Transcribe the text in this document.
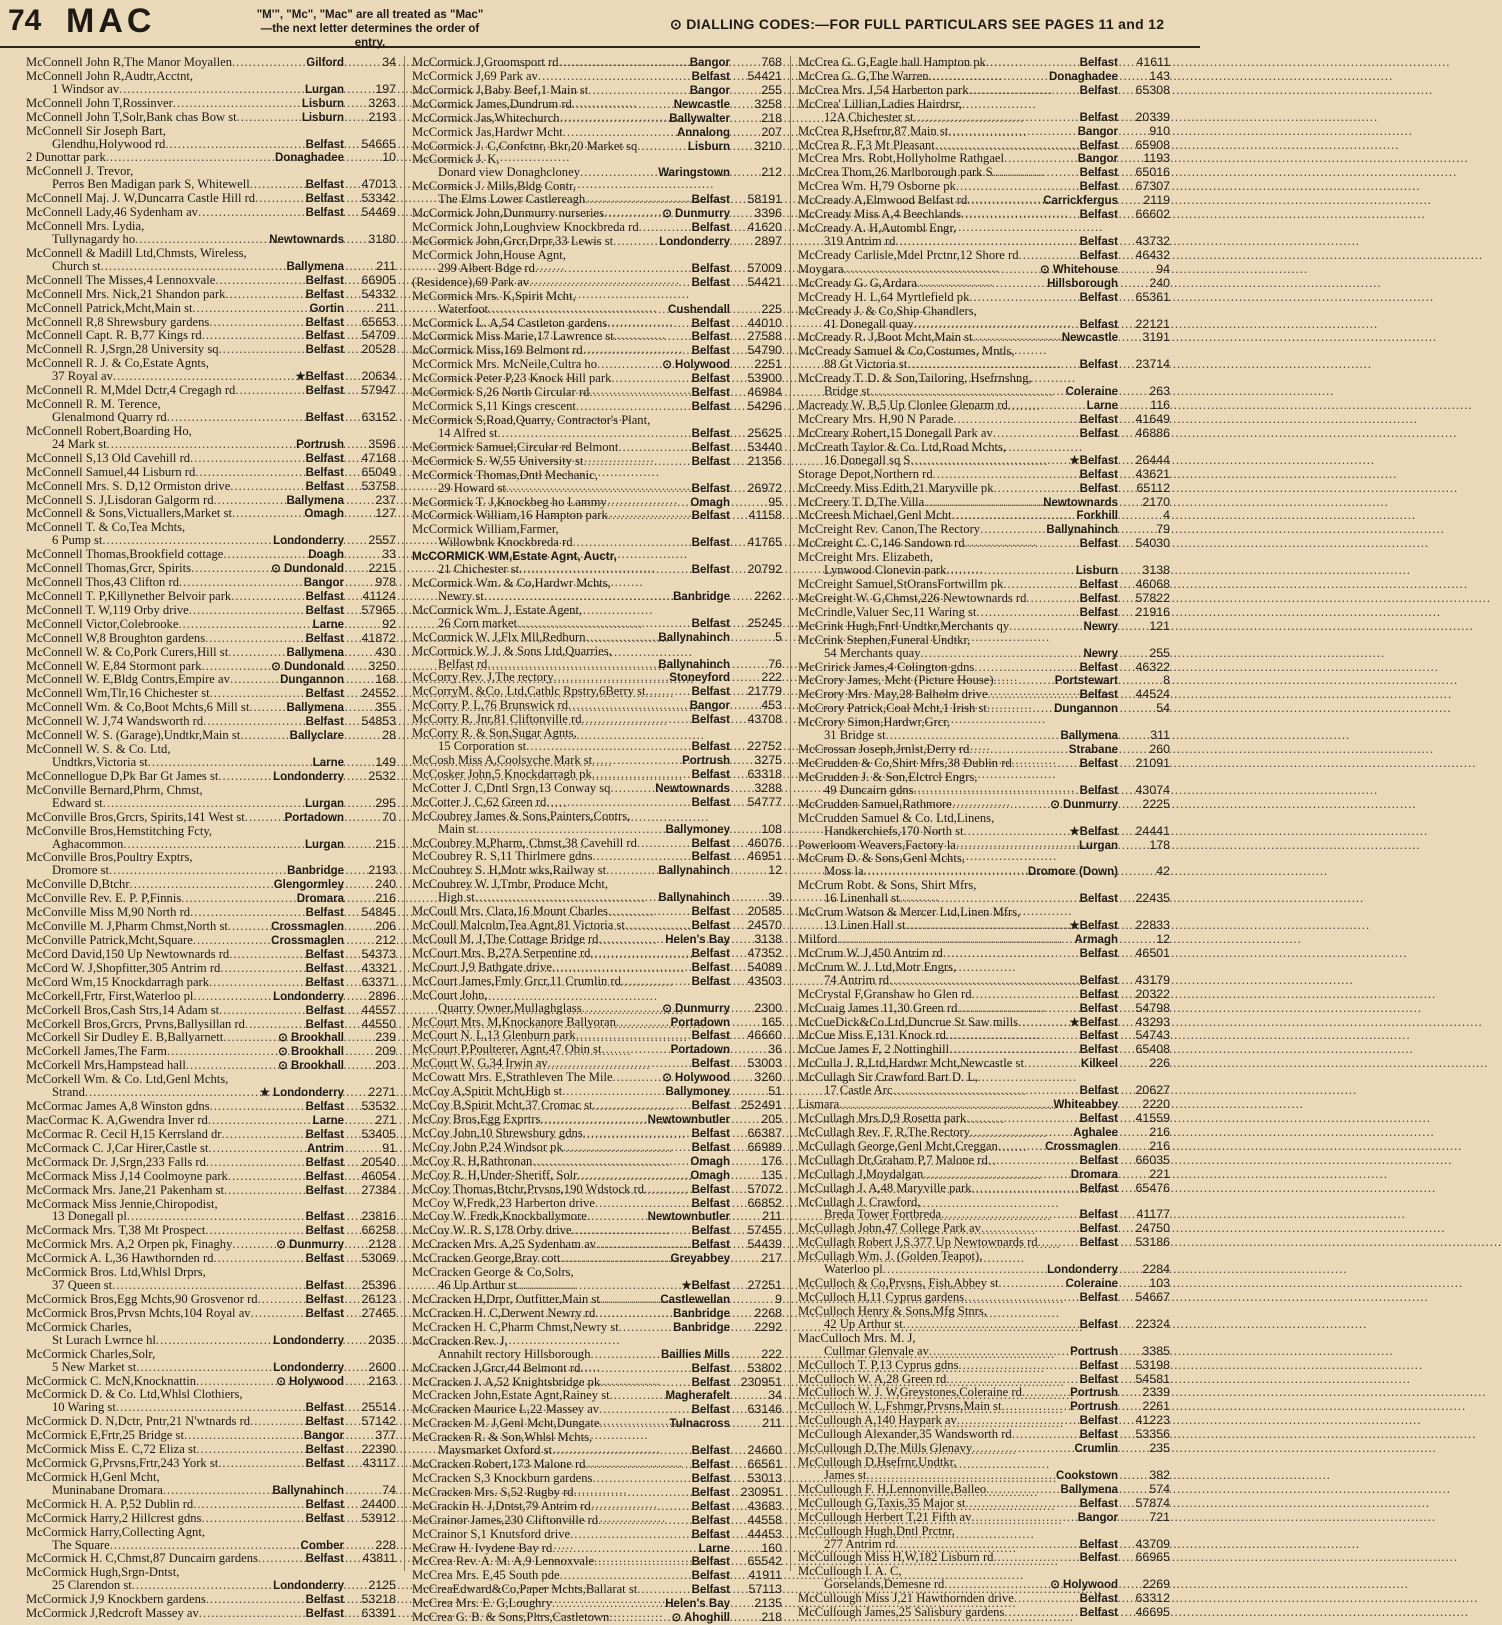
74 MAC	"M'", "Mc", "Mac" are all treated as "Mac"
—the next letter determines the order of entry.
⊙ DIALLING CODES:—FOR FULL PARTICULARS SEE PAGES 11 and 12
McConnell John R,The Manor Moyallen .....	Gilford	34
McConnell John R,Audtr,Acctnt,
1 Windsor av .....	Lurgan	197
McConnell John T,Rossinver .....	Lisburn	3263
McConnell John T,Solr,Bank chas Bow st .....	Lisburn	2193
McConnell Sir Joseph Bart,
Glendhu,Holywood rd .....	Belfast	54665
2 Dunottar park .....	Donaghadee	10
McConnell J. Trevor,
Perros Ben Madigan park S, Whitewell .....	Belfast	47013
McConnell Maj. J. W,Duncarra Castle Hill rd .....	Belfast	53342
McConnell Lady,46 Sydenham av .....	Belfast	54469
McConnell Mrs. Lydia,
Tullynagardy ho .....	Newtownards	3180
McConnell & Madill Ltd,Chmsts, Wireless,
Church st .....	Ballymena	211
McConnell The Misses,4 Lennoxvale .....	Belfast	66905
McConnell Mrs. Nick,21 Shandon park .....	Belfast	54332
McConnell Patrick,Mcht,Main st .....	Gortin	211
McConnell R,8 Shrewsbury gardens .....	Belfast	65653
McConnell Capt. R. B,77 Kings rd .....	Belfast	54709
McConnell R. J,Srgn,28 University sq .....	Belfast	20528
McConnell R. J. & Co,Estate Agnts,
37 Royal av .....	★Belfast	20634
McConnell R. M,Mdel Dctr,4 Cregagh rd .....	Belfast	57947
McConnell R. M. Terence,
Glenalmond Quarry rd .....	Belfast	63152
McConnell Robert,Boarding Ho,
24 Mark st .....	Portrush	3596
McConnell S,13 Old Cavehill rd .....	Belfast	47168
McConnell Samuel,44 Lisburn rd .....	Belfast	65049
McConnell Mrs. S. D,12 Ormiston drive .....	Belfast	53758
McConnell S. J,Lisdoran Galgorm rd .....	Ballymena	237
McConnell & Sons,Victuallers,Market st .....	Omagh	127
McConnell T. & Co,Tea Mchts,
6 Pump st .....	Londonderry	2557
McConnell Thomas,Brookfield cottage .....	Doagh	33
McConnell Thomas,Grcr, Spirits .....	⊙ Dundonald	2215
McConnell Thos,43 Clifton rd .....	Bangor	978
McConnell T. P,Killynether Belvoir park .....	Belfast	41124
McConnell T. W,119 Orby drive .....	Belfast	57965
McConnell Victor,Colebrooke .....	Larne	92
McConnell W,8 Broughton gardens .....	Belfast	41872
McConnell W. & Co,Pork Curers,Hill st .....	Ballymena	430
McConnell W. E,84 Stormont park .....	⊙ Dundonald	3250
McConnell W. E,Bldg Contrs,Empire av .....	Dungannon	168
McConnell Wm,Tlr,16 Chichester st .....	Belfast	24552
McConnell Wm. & Co,Boot Mchts,6 Mill st .....	Ballymena	355
McConnell W. J,74 Wandsworth rd .....	Belfast	54853
McConnell W. S. (Garage),Undtkr,Main st .....	Ballyclare	28
McConnell W. S. & Co. Ltd,
Undtkrs,Victoria st .....	Larne	149
McConnellogue D,Pk Bar Gt James st .....	Londonderry	2532
McConville Bernard,Phrm, Chmst,
Edward st .....	Lurgan	295
McConville Bros,Grcrs, Spirits,141 West st .....	Portadown	70
McConville Bros,Hemstitching Fcty,
Aghacommon .....	Lurgan	215
McConville Bros,Poultry Exptrs,
Dromore st .....	Banbridge	2193
McConville D,Btchr .....	Glengormley	240
McConville Rev. E. P. P,Finnis .....	Dromara	216
McConville Miss M,90 North rd .....	Belfast	54845
McConville M. J,Pharm Chmst,North st .....	Crossmaglen	206
McConville Patrick,Mcht,Square .....	Crossmaglen	212
McCord David,150 Up Newtownards rd .....	Belfast	54373
McCord W. J,Shopfitter,305 Antrim rd .....	Belfast	43321
McCord Wm,15 Knockdarragh park .....	Belfast	63371
McCorkell,Frtr, First,Waterloo pl .....	Londonderry	2896
McCorkell Bros,Cash Strs,14 Adam st .....	Belfast	44557
McCorkell Bros,Grcrs, Prvns,Ballysillan rd .....	Belfast	44550
McCorkell Sir Dudley E. B,Ballyarnett .....	⊙ Brookhall	239
McCorkell James,The Farm .....	⊙ Brookhall	209
McCorkell Mrs,Hampstead hall .....	⊙ Brookhall	203
McCorkell Wm. & Co. Ltd,Genl Mchts,
Strand .....	★ Londonderry	2271
McCormac James A,8 Winston gdns .....	Belfast	53532
MacCormac K. A,Gwendra Inver rd .....	Larne	271
McCormac R. Cecil H,15 Kerrsland dr .....	Belfast	53405
McCormack C. J,Car Hirer,Castle st .....	Antrim	91
McCormack Dr. J,Srgn,233 Falls rd .....	Belfast	20540
McCormack Miss J,14 Coolmoyne park .....	Belfast	46054
McCormack Mrs. Jane,21 Pakenham st .....	Belfast	27384
McCormack Miss Jennie,Chiropodist,
13 Donegall pl .....	Belfast	23816
McCormack Mrs. T,38 Mt Prospect .....	Belfast	66258
McCormick Mrs. A,2 Orpen pk, Finaghy .....	⊙ Dunmurry	2128
McCormick A. L,36 Hawthornden rd .....	Belfast	53069
McCormick Bros. Ltd,Whlsl Drprs,
37 Queen st .....	Belfast	25396
McCormick Bros,Egg Mchts,90 Grosvenor rd .....	Belfast	26123
McCormick Bros,Prvsn Mchts,104 Royal av .....	Belfast	27465
McCormick Charles,
St Lurach Lwrnce hl .....	Londonderry	2035
McCormick Charles,Solr,
5 New Market st .....	Londonderry	2600
McCormick C. McN,Knocknattin .....	⊙ Holywood	2163
McCormick D. & Co. Ltd,Whlsl Clothiers,
10 Waring st .....	Belfast	25514
McCormick D. N,Dctr, Pntr,21 N'wtnards rd .....	Belfast	57142
McCormick E,Frtr,25 Bridge st .....	Bangor	377
McCormick Miss E. C,72 Eliza st .....	Belfast	22390
McCormick G,Prvsns,Frtr,243 York st .....	Belfast	43117
McCormick H,Genl Mcht,
Muninabane Dromara .....	Ballynahinch	74
McCormick H. A. P,52 Dublin rd .....	Belfast	24400
McCormick Harry,2 Hillcrest gdns .....	Belfast	53912
McCormick Harry,Collecting Agnt,
The Square .....	Comber	228
McCormick H. C,Chmst,87 Duncairn gardens .....	Belfast	43811
McCormick Hugh,Srgn-Dntst,
25 Clarendon st .....	Londonderry	2125
McCormick J,9 Knockbern gardens .....	Belfast	53218
McCormick J,Redcroft Massey av .....	Belfast	63391
McCormick J,Groomsport rd .....	Bangor	768
McCormick J,69 Park av .....	Belfast	54421
McCormick J,Baby Beef,1 Main st .....	Bangor	255
McCormick James,Dundrum rd .....	Newcastle	3258
McCormick Jas,Whitechurch .....	Ballywalter	218
McCormick Jas,Hardwr Mcht .....	Annalong	207
McCormick J. C,Confctnr, Bkr,20 Market sq .....	Lisburn	3210
McCormick J. K,
Donard view Donaghcloney .....	Waringstown	212
McCormick J. Mills,Bldg Contr,
The Elms Lower Castlereagh .....	Belfast	58191
McCormick John,Dunmurry nurseries .....	⊙ Dunmurry	3396
McCormick John,Loughview Knockbreda rd .....	Belfast	41620
McCormick John,Grcr,Drpr,33 Lewis st .....	Londonderry	2897
McCormick John,House Agnt,
299 Albert Bdge rd .....	Belfast	57009
(Residence),69 Park av .....	Belfast	54421
McCormick Mrs. K,Spirit Mcht,
Waterfoot .....	Cushendall	225
McCormick L. A,54 Castleton gardens .....	Belfast	44010
McCormick Miss Marie,17 Lawrence st .....	Belfast	27588
McCormick Miss,169 Belmont rd .....	Belfast	54790
McCormick Mrs. McNeile,Cultra ho .....	⊙ Holywood	2251
McCormick Peter P,23 Knock Hill park .....	Belfast	53900
McCormick S,26 North Circular rd .....	Belfast	46984
McCormick S,11 Kings crescent .....	Belfast	54296
McCormick S,Road,Quarry, Contractor's Plant,
14 Alfred st .....	Belfast	25625
McCormick Samuel,Circular rd Belmont .....	Belfast	53440
McCormick S. W,55 University st .....	Belfast	21356
McCormick Thomas,Dntl Mechanic,
29 Howard st .....	Belfast	26972
McCormick T. J,Knockbeg ho Lammy .....	Omagh	95
McCormick William,16 Hampton park .....	Belfast	41158
McCormick William,Farmer,
Willowbnk Knockbreda rd .....	Belfast	41765
McCORMICK WM,Estate Agnt, Auctr,
21 Chichester st .....	Belfast	20792
McCormick Wm. & Co,Hardwr Mchts,
Newry st .....	Banbridge	2262
McCormick Wm. J, Estate Agent,
26 Corn market .....	Belfast	25245
McCormick W. J,Flx Mll,Redburn .....	Ballynahinch	5
McCormick W. J. & Sons Ltd,Quarries,
Belfast rd .....	Ballynahinch	76
McCorry Rev. J,The rectory .....	Stoneyford	222
McCorryM. &Co. Ltd,Cathlc Rpstry,6Berry st .....	Belfast	21779
McCorry P. L,76 Brunswick rd .....	Bangor	453
McCorry R. Jnr,81 Cliftonville rd .....	Belfast	43708
McCorry R. & Son,Sugar Agnts,
15 Corporation st .....	Belfast	22752
McCosh Miss A,Coolsyche Mark st .....	Portrush	3275
McCosker John,5 Knockdarragh pk .....	Belfast	63318
McCotter J. C,Dntl Srgn,13 Conway sq .....	Newtownards	3288
McCotter J. C,62 Green rd .....	Belfast	54777
McCoubrey James & Sons,Painters,Contrs,
Main st .....	Ballymoney	108
McCoubrey M,Pharm, Chmst,38 Cavehill rd .....	Belfast	46076
McCoubrey R. S,11 Thirlmere gdns .....	Belfast	46951
McCoubrey S. H,Motr wks,Railway st .....	Ballynahinch	12
McCoubrey W. J,Tmbr, Produce Mcht,
High st .....	Ballynahinch	39
McCoull Mrs. Clara,16 Mount Charles .....	Belfast	20585
McCoull Malcolm,Tea Agnt,81 Victoria st .....	Belfast	24570
McCoull M. J,The Cottage Bridge rd .....	Helen's Bay	3138
McCourt Mrs. B,27A Serpentine rd .....	Belfast	47352
McCourt J,9 Bathgate drive .....	Belfast	54089
McCourt James,Fmly Grcr,11 Crumlin rd .....	Belfast	43503
McCourt John,
Quarry Owner,Mullaghglass .....	⊙ Dunmurry	2300
McCourt Mrs. M,Knockanore Ballyoran .....	Portadown	165
McCourt N. L,13 Glenburn park .....	Belfast	46660
McCourt P,Poulterer, Agnt,47 Obin st .....	Portadown	36
McCourt W. G,34 Irwin av .....	Belfast	53003
McCowatt Mrs. E,Strathleven The Mile .....	⊙ Holywood	3260
McCoy A,Spirit Mcht,High st .....	Ballymoney	51
McCoy B,Spirit Mcht,37 Cromac st .....	Belfast 252491
McCoy Bros,Egg Exprtrs .....	Newtownbutler	205
McCoy John,10 Shrewsbury gdns .....	Belfast	66387
McCoy John P,24 Windsor pk .....	Belfast	66989
McCoy R. H,Rathronan .....	Omagh	176
McCoy R. H,Under-Sheriff, Solr .....	Omagh	135
McCoy Thomas,Btchr,Prvsns,190 Wdstock rd .....	Belfast	57072
McCoy W,Fredk,23 Harberton drive .....	Belfast	66852
McCoy W. Fredk,Knockballymore .....	Newtownbutler	211
McCoy W. R. S,178 Orby drive .....	Belfast	57455
McCracken Mrs. A,25 Sydenham av .....	Belfast	54439
McCracken George,Bray cott .....	Greyabbey	217
McCracken George & Co,Solrs,
46 Up Arthur st .....	★Belfast	27251
McCracken H,Drpr, Outfitter,Main st .....	Castlewellan	9
McCracken H. C,Derwent Newry rd .....	Banbridge	2268
McCracken H. C,Pharm Chmst,Newry st .....	Banbridge	2292
McCracken Rev. J,
Annahilt rectory Hillsborough .....	Baillies Mills	222
McCracken J,Grcr,44 Belmont rd .....	Belfast	53802
McCracken J. A,52 Knightsbridge pk .....	Belfast 230951
McCracken John,Estate Agnt,Rainey st .....	Magherafelt	34
McCracken Maurice L,22 Massey av .....	Belfast	63146
McCracken M. J,Genl Mcht,Dungate .....	Tulnacross	211
McCracken R. & Son,Whlsl Mchts,
Maysmarket Oxford st .....	Belfast	24660
McCracken Robert,173 Malone rd .....	Belfast	66561
McCracken S,3 Knockburn gardens .....	Belfast	53013
McCracken Mrs. S,52 Rugby rd .....	Belfast 230951
McCrackin H. J,Dntst,79 Antrim rd .....	Belfast	43683
McCrainor James,230 Cliftonville rd .....	Belfast	44558
McCrainor S,1 Knutsford drive .....	Belfast	44453
McCraw H. Ivydene Bay rd .....	Larne	160
McCrea Rev. A. M. A,9 Lennoxvale .....	Belfast	65542
McCrea Mrs. E,45 South pde .....	Belfast	41911
McCreaEdward&Co,Paper Mchts,Ballarat st .....	Belfast	57113
McCrea Mrs. E. G,Loughry .....	Helen's Bay	2135
McCrea G. B. & Sons,Pltrs,Castletown .....	⊙ Ahoghill	218
McCrea G. G,Eagle hall Hampton pk .....	Belfast	41611
McCrea G. G,The Warren .....	Donaghadee	143
McCrea Mrs. J,54 Harberton park .....	Belfast	65308
McCrea' Lillian,Ladies Hairdrsr,
12A Chichester st .....	Belfast	20339
McCrea R,Hsefrnr,87 Main st .....	Bangor	910
McCrea R. F,3 Mt Pleasant .....	Belfast	65908
McCrea Mrs. Robt,Hollyholme Rathgael .....	Bangor	1193
McCrea Thom,26 Marlborough park S .....	Belfast	65016
McCrea Wm. H,79 Osborne pk .....	Belfast	67307
McCready A,Elmwood Belfast rd .....	Carrickfergus	2119
McCready Miss A,4 Beechlands .....	Belfast	66602
McCready A. H,Autombl Engr,
319 Antrim rd .....	Belfast	43732
McCready Carlisle,Mdel Prctnr,12 Shore rd .....	Belfast	46432
Moygara .....	⊙ Whitehouse	94
McCready G. G,Ardara .....	Hillsborough	240
McCready H. L,64 Myrtlefield pk .....	Belfast	65361
McCready J. & Co,Ship Chandlers,
41 Donegall quay .....	Belfast	22121
McCready R. J,Boot Mcht,Main st .....	Newcastle	3191
McCready Samuel & Co,Costumes, Mntls,
88 Gt Victoria st .....	Belfast	23714
McCready T. D. & Son,Tailoring, Hsefrnshng,
Bridge st .....	Coleraine	263
Macready W. B,5 Up Clonlee Glenarm rd .....	Larne	116
McCreary Mrs. H,90 N Parade .....	Belfast	41649
McCreary Robert,15 Donegall Park av .....	Belfast	46886
McCreath Taylor & Co. Ltd,Road Mchts,
16 Donegall sq S .....	★Belfast	26444
Storage Depot,Northern rd .....	Belfast	43621
McCreedy Miss Edith,21 Maryville pk .....	Belfast	65112
McCreery T. D,The Villa .....	Newtownards	2170
McCreesh Michael,Genl Mcht .....	Forkhill	4
McCreight Rev. Canon,The Rectory .....	Ballynahinch	79
McCreight C. C,146 Sandown rd .....	Belfast	54030
McCreight Mrs. Elizabeth,
Lynwood Clonevin park .....	Lisburn	3138
McCreight Samuel,StOransFortwillm pk .....	Belfast	46068
McCreight W. G,Chmst,226 Newtownards rd .....	Belfast	57822
McCrindle,Valuer Sec,11 Waring st .....	Belfast	21916
McCrink Hugh,Fnrl Undtkr,Merchants qy .....	Newry	121
McCrink Stephen,Funeral Undtkr,
54 Merchants quay .....	Newry	255
McCririck James,4 Colington gdns .....	Belfast	46322
McCrory James, Mcht (Picture House) .....	Portstewart	8
McCrory Mrs. May,28 Balholm drive .....	Belfast	44524
McCrory Patrick,Coal Mcht,1 Irish st .....	Dungannon	54
McCrory Simon,Hardwr,Grcr,
31 Bridge st .....	Ballymena	311
McCrossan Joseph,Jrnlst,Derry rd .....	Strabane	260
McCrudden & Co,Shirt Mfrs,38 Dublin rd .....	Belfast	21091
McCrudden J. & Son,Elctrcl Engrs,
49 Duncairn gdns .....	Belfast	43074
McCrudden Samuel,Rathmore .....	⊙ Dunmurry	2225
McCrudden Samuel & Co. Ltd,Linens,
Handkerchiefs,170 North st .....	★Belfast	24441
Powerloom Weavers,Factory la .....	Lurgan	178
McCrum D. & Sons,Genl Mchts,
Moss la .....	Dromore (Down)	42
McCrum Robt. & Sons, Shirt Mfrs,
16 Linenhall st .....	Belfast	22435
McCrum Watson & Mercer Ltd,Linen Mfrs,
13 Linen Hall st .....	★Belfast	22833
Milford .....	Armagh	12
McCrum W. J,450 Antrim rd .....	Belfast	46501
McCrum W. J. Ltd,Motr Engrs,
74 Antrim rd .....	Belfast	43179
McCrystal F,Granshaw ho Glen rd .....	Belfast	20322
McCuaig James 11,30 Green rd .....	Belfast	54798
McCueDick&Co.Ltd,Duncrue St Saw mills .....	★Belfast	43293
McCue Miss E,131 Knock rd .....	Belfast	54743
McCue James F, 2 Nottinghill .....	Belfast	65408
McCulla J. R,Ltd,Hardwr Mcht,Newcastle st .....	Kilkeel	226
McCullagh Sir Crawford Bart D. L,
17 Castle Arc .....	Belfast	20627
Lismara .....	Whiteabbey	2220
McCullagh Mrs.D,9 Rosetta park .....	Belfast	41559
McCullagh Rev. F. R,The Rectory .....	Aghalee	216
McCullagh George,Genl Mcht,Creggan .....	Crossmaglen	216
McCullagh Dr,Graham P,7 Malone rd .....	Belfast	66035
McCullagh J,Moydalgan .....	Dromara	221
McCullagh J. A,48 Maryville park .....	Belfast	65476
McCullagh J. Crawford,
Breda Tower Fortbreda .....	Belfast	41177
McCullagh John,47 College Park av .....	Belfast	24750
McCullagh Robert J,S.377 Up Newtownards rd .....	Belfast	53186
McCullagh Wm. J. (Golden Teapot),
Waterloo pl .....	Londonderry	2284
McCulloch & Co,Prvsns, Fish,Abbey st .....	Coleraine	103
McCulloch H,11 Cyprus gardens .....	Belfast	54667
McCulloch Henry & Sons,Mfg Stnrs,
42 Up Arthur st .....	Belfast	22324
MacCulloch Mrs. M. J,
Cullmar Glenvale av .....	Portrush	3385
McCulloch T. P,13 Cyprus gdns .....	Belfast	53198
McCulloch W. A,28 Green rd .....	Belfast	54581
McCulloch W. J. W,Greystones,Coleraine rd .....	Portrush	2339
McCulloch W. L,Fshmgr,Prvsns,Main st .....	Portrush	2261
McCullough A,140 Haypark av .....	Belfast	41223
McCullough Alexander,35 Wandsworth rd .....	Belfast	53356
McCullough D,The Mills Glenavy .....	Crumlin	235
McCullough D,Hsefrnr,Undtkr,
James st .....	Cookstown	382
McCullough F. H,Lennonville,Balleo .....	Ballymena	574
McCullough G,Taxis,35 Major st .....	Belfast	57874
McCullough Herbert T,21 Fifth av .....	Bangor	721
McCullough Hugh,Dntl Prctnr,
277 Antrim rd .....	Belfast	43709
McCullough Miss H,W,182 Lisburn rd .....	Belfast	66965
McCullough I. A. C,
Gorselands,Demesne rd .....	⊙ Holywood	2269
McCullough Miss J,21 Hawthornden drive .....	Belfast	63312
McCullough James,25 Salisbury gardens .....	Belfast	46695
